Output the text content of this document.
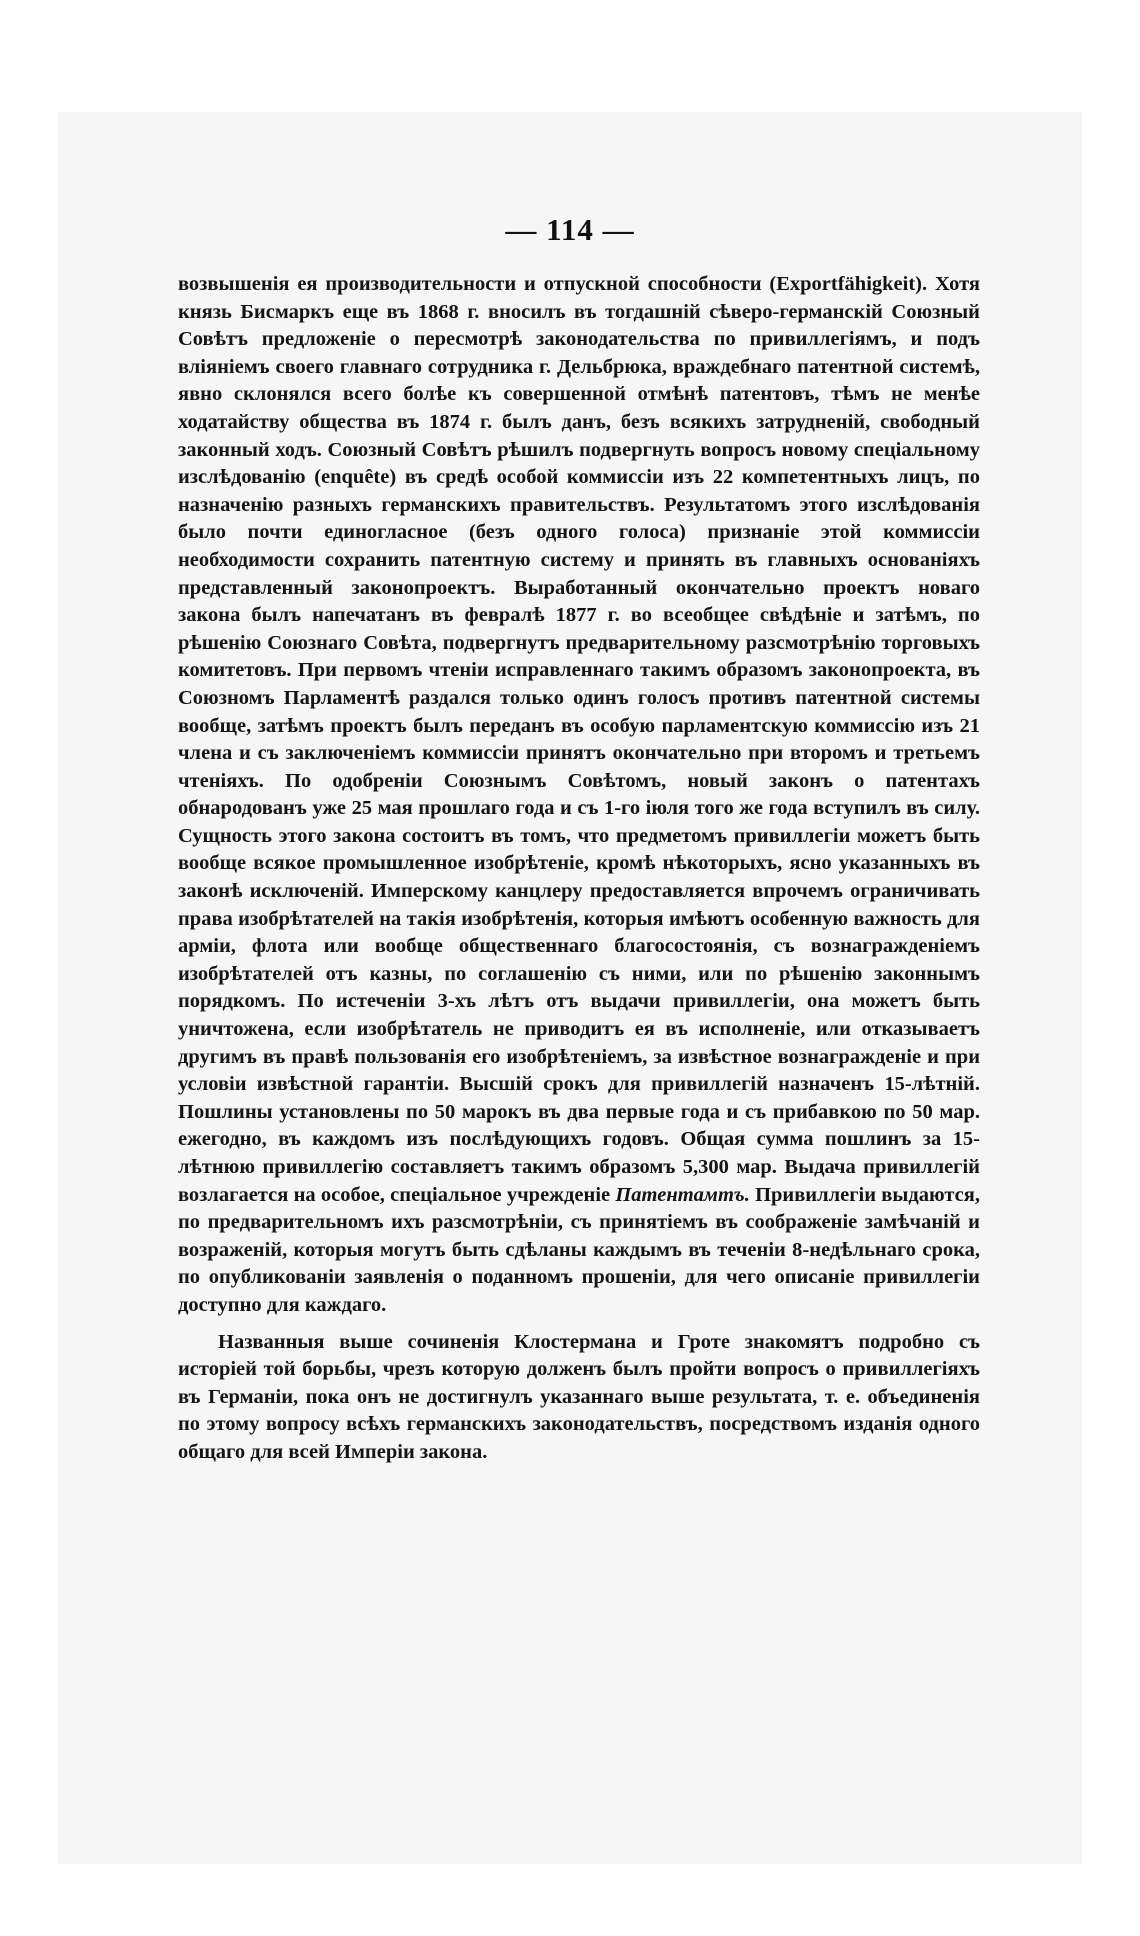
— 114 —

возвышенія ея производительности и отпускной способности (Exportfähigkeit). Хотя князь Бисмаркъ еще въ 1868 г. вносилъ въ тогдашній сѣверо-германскій Союзный Совѣтъ предложеніе о пересмотрѣ законодательства по привиллегіямъ, и подъ вліяніемъ своего главнаго сотрудника г. Дельбрюка, враждебнаго патентной системѣ, явно склонялся всего болѣе къ совершенной отмѣнѣ патентовъ, тѣмъ не менѣе ходатайству общества въ 1874 г. былъ данъ, безъ всякихъ затрудненій, свободный законный ходъ. Союзный Совѣтъ рѣшилъ подвергнуть вопросъ новому спеціальному изслѣдованію (enquête) въ средѣ особой коммиссіи изъ 22 компетентныхъ лицъ, по назначенію разныхъ германскихъ правительствъ. Результатомъ этого изслѣдованія было почти единогласное (безъ одного голоса) признаніе этой коммиссіи необходимости сохранить патентную систему и принять въ главныхъ основаніяхъ представленный законопроектъ. Выработанный окончательно проектъ новаго закона былъ напечатанъ въ февралѣ 1877 г. во всеобщее свѣдѣніе и затѣмъ, по рѣшенію Союзнаго Совѣта, подвергнутъ предварительному разсмотрѣнію торговыхъ комитетовъ. При первомъ чтеніи исправленнаго такимъ образомъ законопроекта, въ Союзномъ Парламентѣ раздался только одинъ голосъ противъ патентной системы вообще, затѣмъ проектъ былъ переданъ въ особую парламентскую коммиссію изъ 21 члена и съ заключеніемъ коммиссіи принятъ окончательно при второмъ и третьемъ чтеніяхъ. По одобреніи Союзнымъ Совѣтомъ, новый законъ о патентахъ обнародованъ уже 25 мая прошлаго года и съ 1-го іюля того же года вступилъ въ силу. Сущность этого закона состоитъ въ томъ, что предметомъ привиллегіи можетъ быть вообще всякое промышленное изобрѣтеніе, кромѣ нѣкоторыхъ, ясно указанныхъ въ законѣ исключеній. Имперскому канцлеру предоставляется впрочемъ ограничивать права изобрѣтателей на такія изобрѣтенія, которыя имѣютъ особенную важность для арміи, флота или вообще общественнаго благосостоянія, съ вознагражденіемъ изобрѣтателей отъ казны, по соглашенію съ ними, или по рѣшенію законнымъ порядкомъ. По истеченіи 3-хъ лѣтъ отъ выдачи привиллегіи, она можетъ быть уничтожена, если изобрѣтатель не приводитъ ея въ исполненіе, или отказываетъ другимъ въ правѣ пользованія его изобрѣтеніемъ, за извѣстное вознагражденіе и при условіи извѣстной гарантіи. Высшій срокъ для привиллегій назначенъ 15-лѣтній. Пошлины установлены по 50 марокъ въ два первые года и съ прибавкою по 50 мар. ежегодно, въ каждомъ изъ послѣдующихъ годовъ. Общая сумма пошлинъ за 15-лѣтнюю привиллегію составляетъ такимъ образомъ 5,300 мар. Выдача привиллегій возлагается на особое, спеціальное учрежденіе Патентамтъ. Привиллегіи выдаются, по предварительномъ ихъ разсмотрѣніи, съ принятіемъ въ соображеніе замѣчаній и возраженій, которыя могутъ быть сдѣланы каждымъ въ теченіи 8-недѣльнаго срока, по опубликованіи заявленія о поданномъ прошеніи, для чего описаніе привиллегіи доступно для каждаго.

Названныя выше сочиненія Клостермана и Гроте знакомятъ подробно съ исторіей той борьбы, чрезъ которую долженъ былъ пройти вопросъ о привиллегіяхъ въ Германіи, пока онъ не достигнулъ указаннаго выше результата, т. е. объединенія по этому вопросу всѣхъ германскихъ законодательствъ, посредствомъ изданія одного общаго для всей Имперіи закона.
